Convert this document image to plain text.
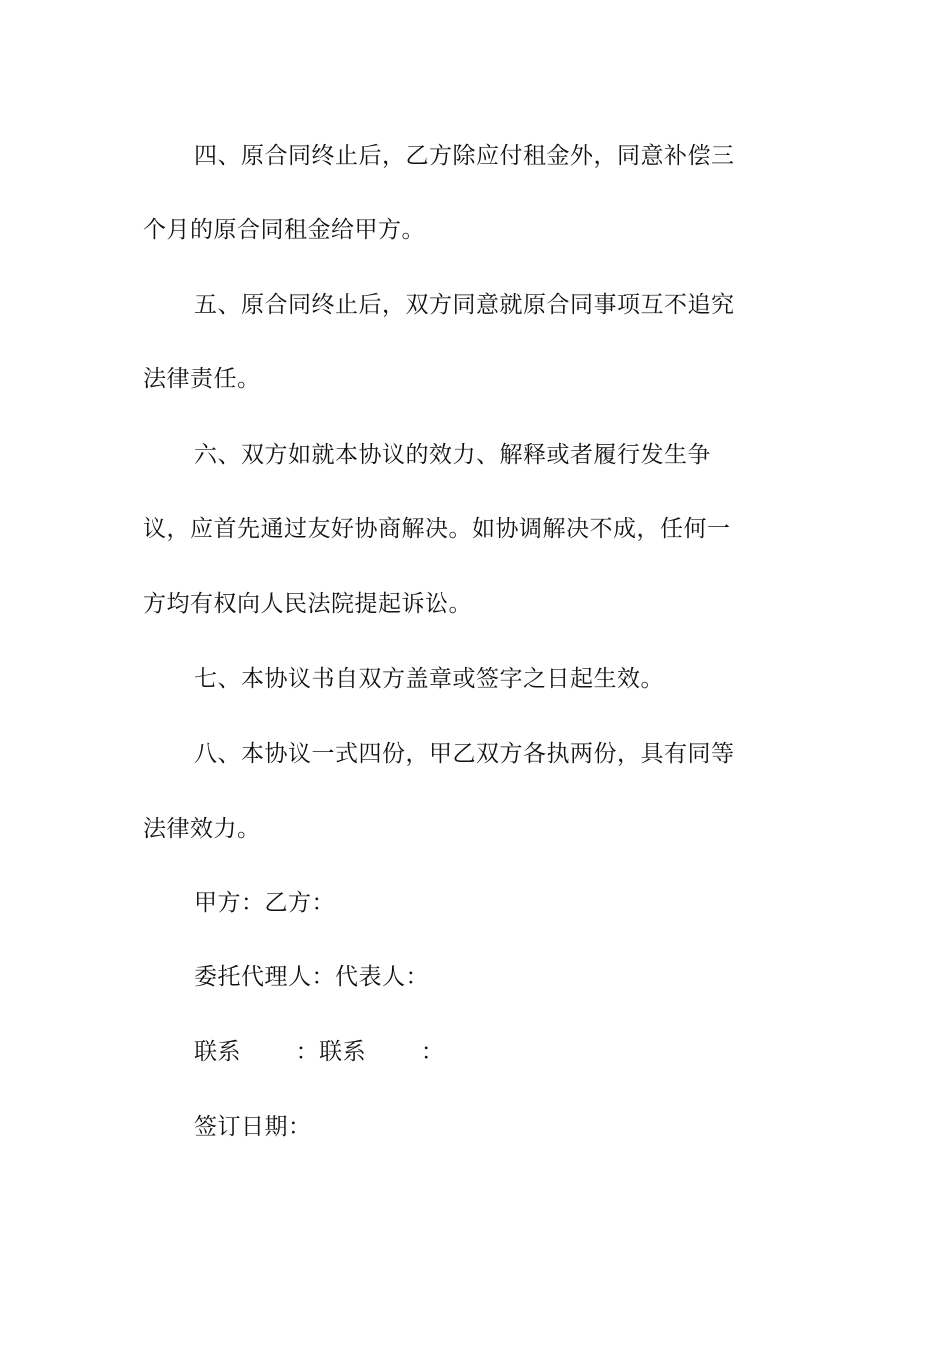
四、原合同终止后，乙方除应付租金外，同意补偿三
个月的原合同租金给甲方。
五、原合同终止后，双方同意就原合同事项互不追究
法律责任。
六、双方如就本协议的效力、解释或者履行发生争
议，应首先通过友好协商解决。如协调解决不成，任何一
方均有权向人民法院提起诉讼。
七、本协议书自双方盖章或签字之日起生效。
八、本协议一式四份，甲乙双方各执两份，具有同等
法律效力。
甲方：乙方：
委托代理人：代表人：
联系       ：联系       ：
签订日期：
